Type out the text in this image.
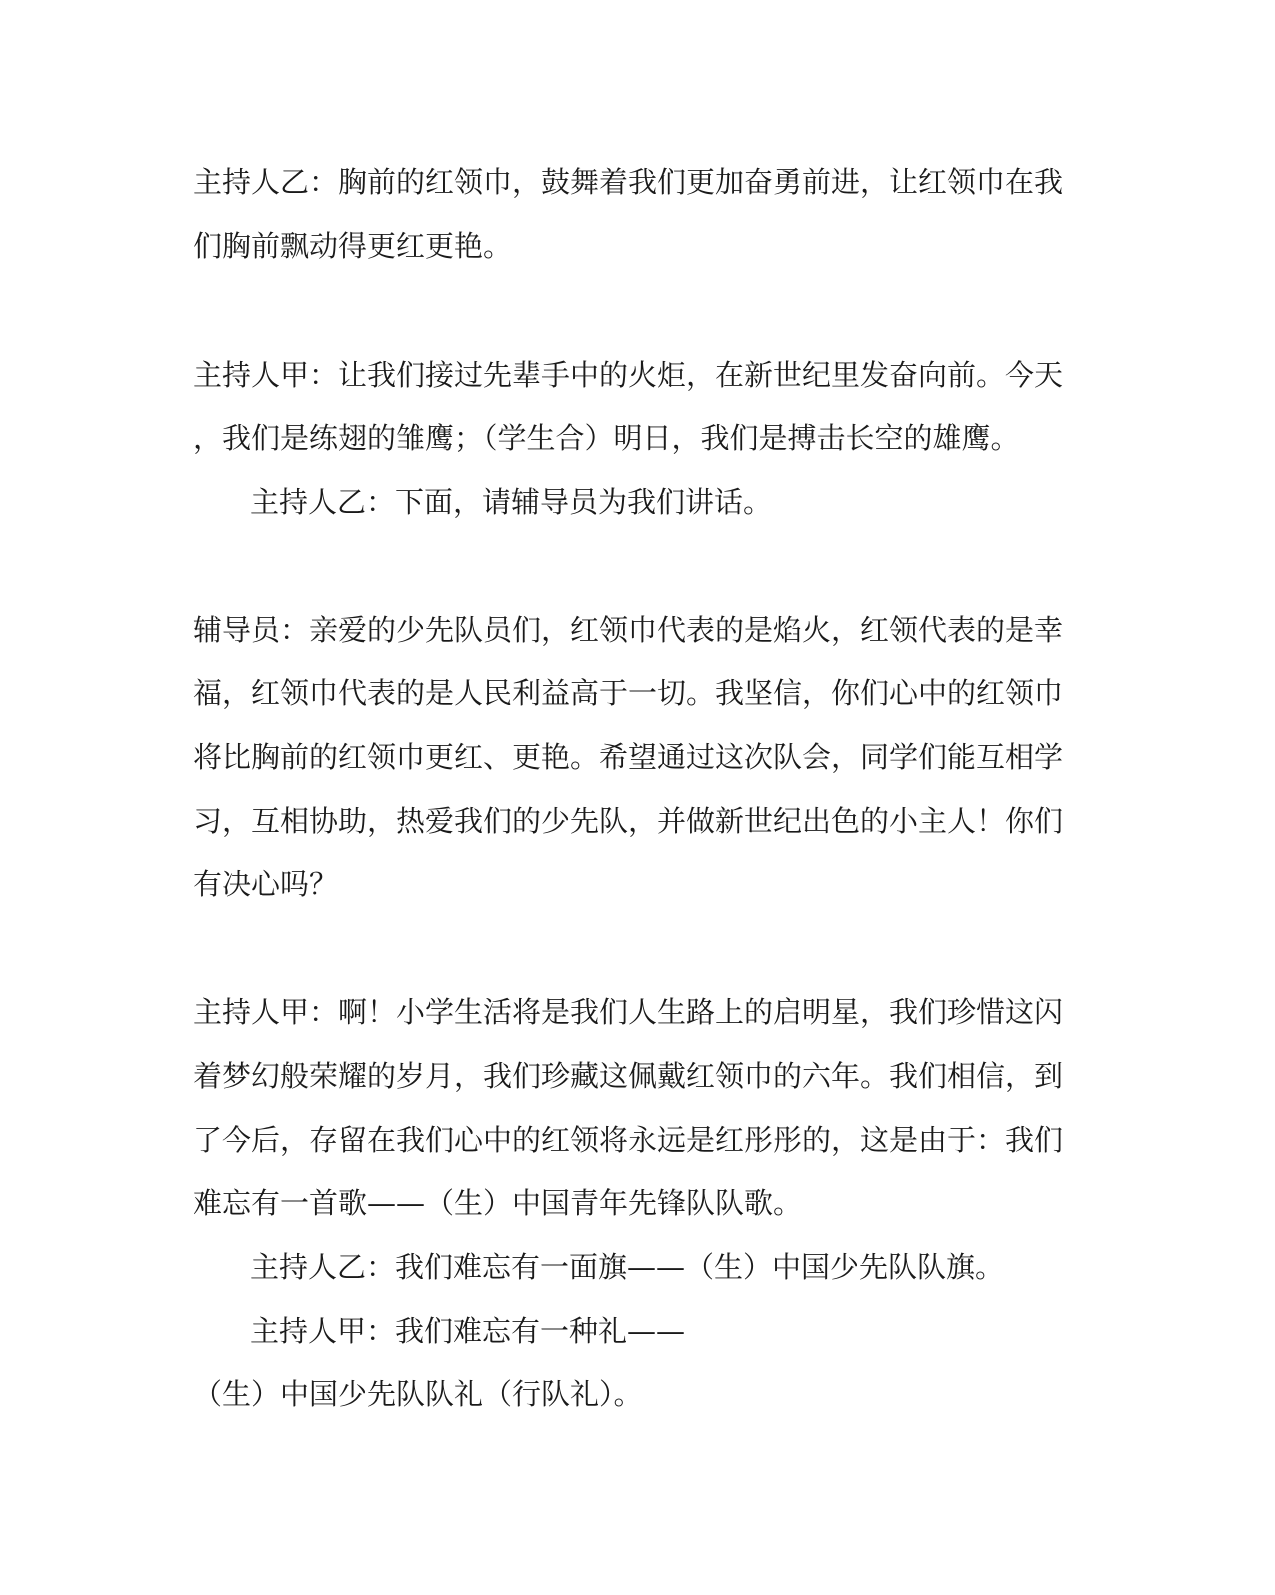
主持人乙：胸前的红领巾，鼓舞着我们更加奋勇前进，让红领巾在我
们胸前飘动得更红更艳。
主持人甲：让我们接过先辈手中的火炬，在新世纪里发奋向前。今天
，我们是练翅的雏鹰；（学生合）明日，我们是搏击长空的雄鹰。
主持人乙：下面，请辅导员为我们讲话。
辅导员：亲爱的少先队员们，红领巾代表的是焰火，红领代表的是幸
福，红领巾代表的是人民利益高于一切。我坚信，你们心中的红领巾
将比胸前的红领巾更红、更艳。希望通过这次队会，同学们能互相学
习，互相协助，热爱我们的少先队，并做新世纪出色的小主人！你们
有决心吗？
主持人甲：啊！小学生活将是我们人生路上的启明星，我们珍惜这闪
着梦幻般荣耀的岁月，我们珍藏这佩戴红领巾的六年。我们相信，到
了今后，存留在我们心中的红领将永远是红彤彤的，这是由于：我们
难忘有一首歌——（生）中国青年先锋队队歌。
主持人乙：我们难忘有一面旗——（生）中国少先队队旗。
主持人甲：我们难忘有一种礼——
（生）中国少先队队礼（行队礼）。
